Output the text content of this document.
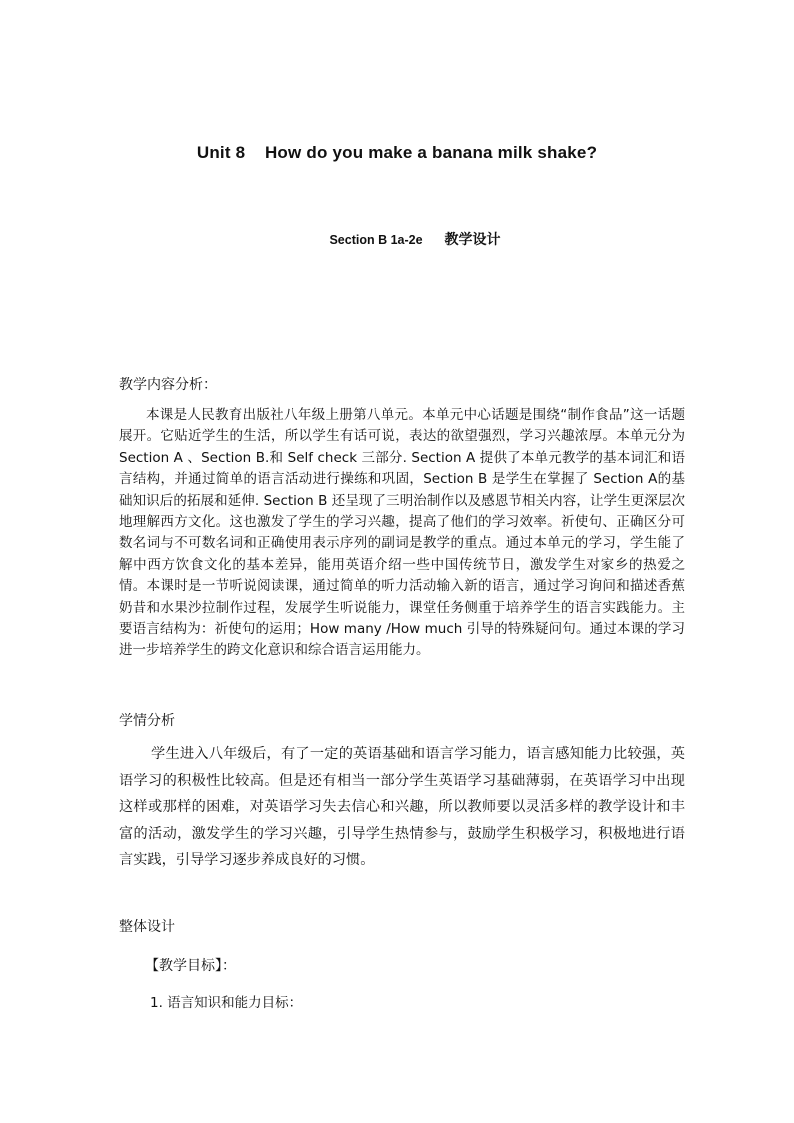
Unit 8    How do you make a banana milk shake?
Section B 1a-2e 教学设计
教学内容分析：
本课是人民教育出版社八年级上册第八单元。本单元中心话题是围绕“制作食品”这一话题展开。它贴近学生的生活，所以学生有话可说，表达的欲望强烈，学习兴趣浓厚。本单元分为 Section A 、Section B.和 Self check 三部分. Section A 提供了本单元教学的基本词汇和语言结构，并通过简单的语言活动进行操练和巩固，Section B 是学生在掌握了 Section A的基础知识后的拓展和延伸. Section B 还呈现了三明治制作以及感恩节相关内容，让学生更深层次地理解西方文化。这也激发了学生的学习兴趣，提高了他们的学习效率。祈使句、正确区分可数名词与不可数名词和正确使用表示序列的副词是教学的重点。通过本单元的学习，学生能了解中西方饮食文化的基本差异，能用英语介绍一些中国传统节日，激发学生对家乡的热爱之情。本课时是一节听说阅读课，通过简单的听力活动输入新的语言，通过学习询问和描述香蕉奶昔和水果沙拉制作过程，发展学生听说能力，课堂任务侧重于培养学生的语言实践能力。主要语言结构为：祈使句的运用；How many /How much 引导的特殊疑问句。通过本课的学习进一步培养学生的跨文化意识和综合语言运用能力。
学情分析
学生进入八年级后，有了一定的英语基础和语言学习能力，语言感知能力比较强，英语学习的积极性比较高。但是还有相当一部分学生英语学习基础薄弱，在英语学习中出现这样或那样的困难，对英语学习失去信心和兴趣，所以教师要以灵活多样的教学设计和丰富的活动，激发学生的学习兴趣，引导学生热情参与，鼓励学生积极学习，积极地进行语言实践，引导学习逐步养成良好的习惯。
整体设计
【教学目标】：
1. 语言知识和能力目标：
